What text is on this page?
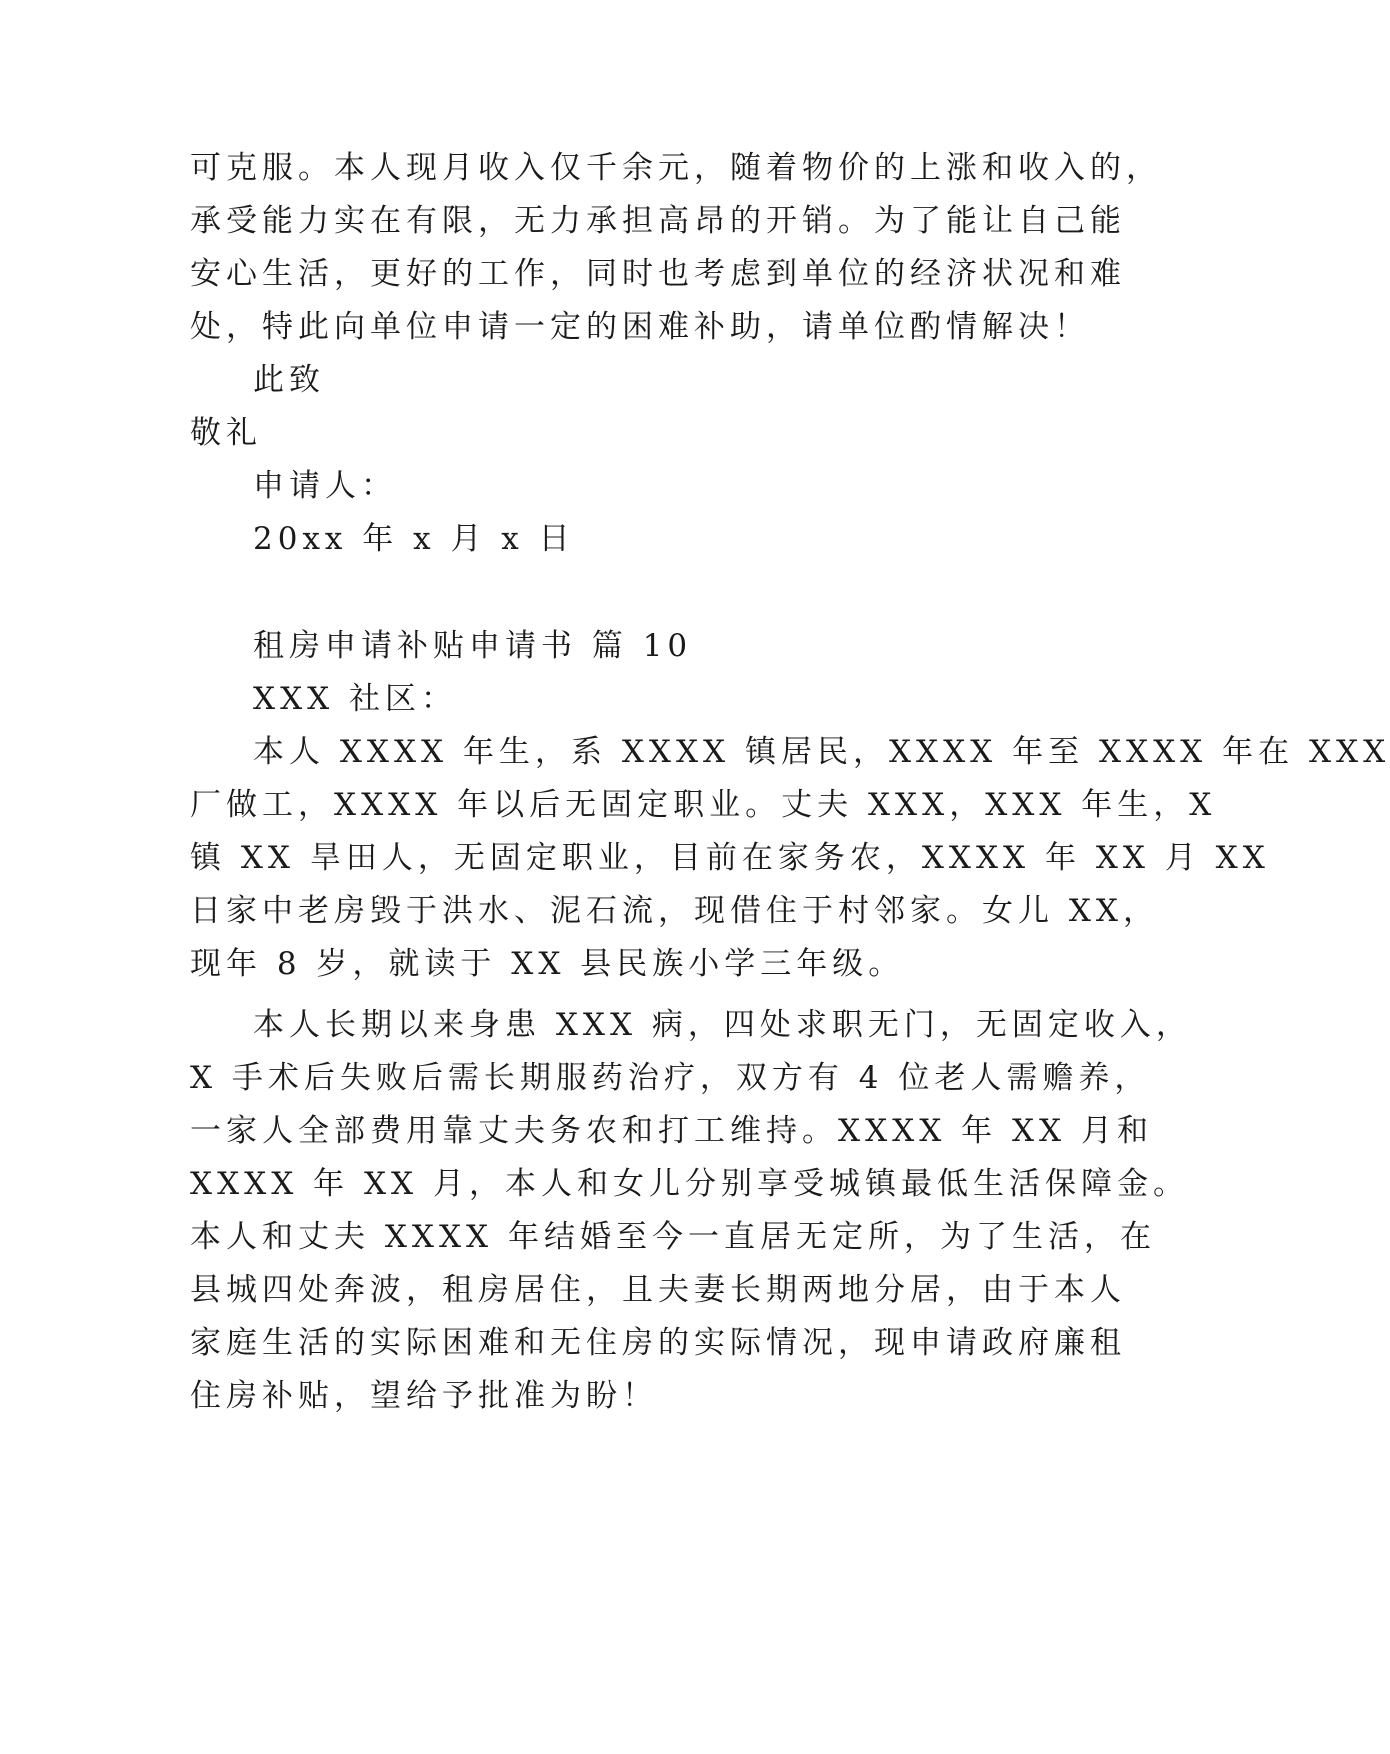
可克服。本人现月收入仅千余元，随着物价的上涨和收入的，
承受能力实在有限，无力承担高昂的开销。为了能让自己能
安心生活，更好的工作，同时也考虑到单位的经济状况和难
处，特此向单位申请一定的困难补助，请单位酌情解决！
此致
敬礼
申请人：
20xx 年 x 月 x 日
租房申请补贴申请书 篇 10
XXX 社区：
本人 XXXX 年生，系 XXXX 镇居民，XXXX 年至 XXXX 年在 XXX
厂做工，XXXX 年以后无固定职业。丈夫 XXX，XXX 年生，X
镇 XX 旱田人，无固定职业，目前在家务农，XXXX 年 XX 月 XX
日家中老房毁于洪水、泥石流，现借住于村邻家。女儿 XX，
现年 8 岁，就读于 XX 县民族小学三年级。
本人长期以来身患 XXX 病，四处求职无门，无固定收入，
X 手术后失败后需长期服药治疗，双方有 4 位老人需赡养，
一家人全部费用靠丈夫务农和打工维持。XXXX 年 XX 月和
XXXX 年 XX 月，本人和女儿分别享受城镇最低生活保障金。
本人和丈夫 XXXX 年结婚至今一直居无定所，为了生活，在
县城四处奔波，租房居住，且夫妻长期两地分居，由于本人
家庭生活的实际困难和无住房的实际情况，现申请政府廉租
住房补贴，望给予批准为盼！
